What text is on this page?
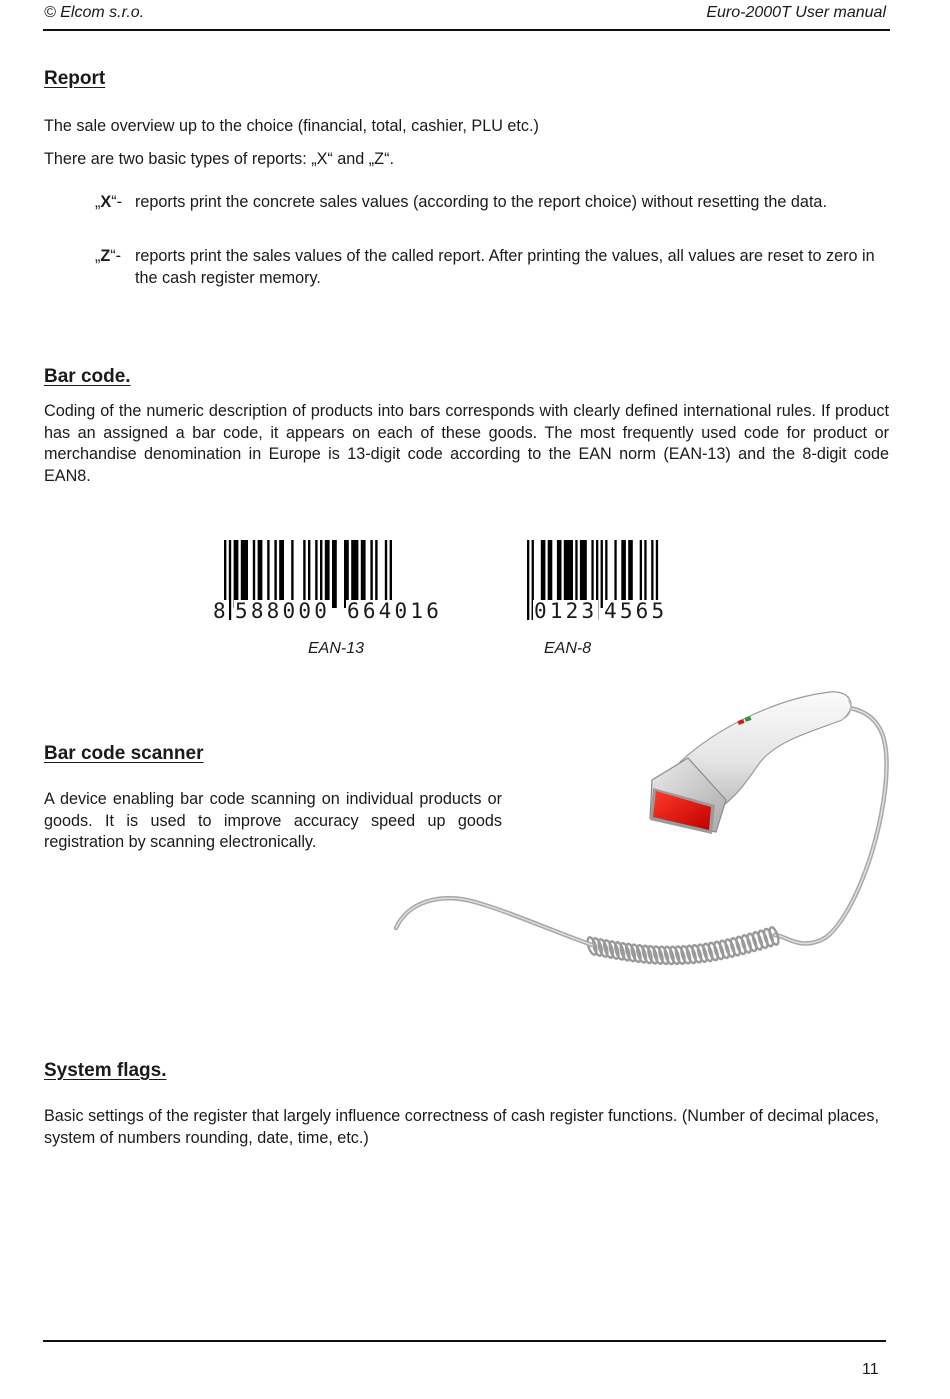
© Elcom s.r.o.	Euro-2000T User manual
Report
The sale overview up to the choice (financial, total, cashier, PLU etc.)
There are two basic types of reports: „X“ and „Z“.
„X“- reports print the concrete sales values (according to the report choice) without resetting the data.
„Z“- reports print the sales values of the called report. After printing the values, all values are reset to zero in the cash register memory.
Bar code.
Coding of the numeric description of products into bars corresponds with clearly defined international rules. If product has an assigned a bar code, it appears on each of these goods. The most frequently used code for product or merchandise denomination in Europe is 13-digit code according to the EAN norm (EAN-13) and the 8-digit code EAN8.
8 588000 664016
EAN-13
0123 4565
EAN-8
Bar code scanner
A device enabling bar code scanning on individual products or goods. It is used to improve accuracy speed up goods registration by scanning electronically.
System flags.
Basic settings of the register that largely influence correctness of cash register functions. (Number of decimal places, system of numbers rounding, date, time, etc.)
11
